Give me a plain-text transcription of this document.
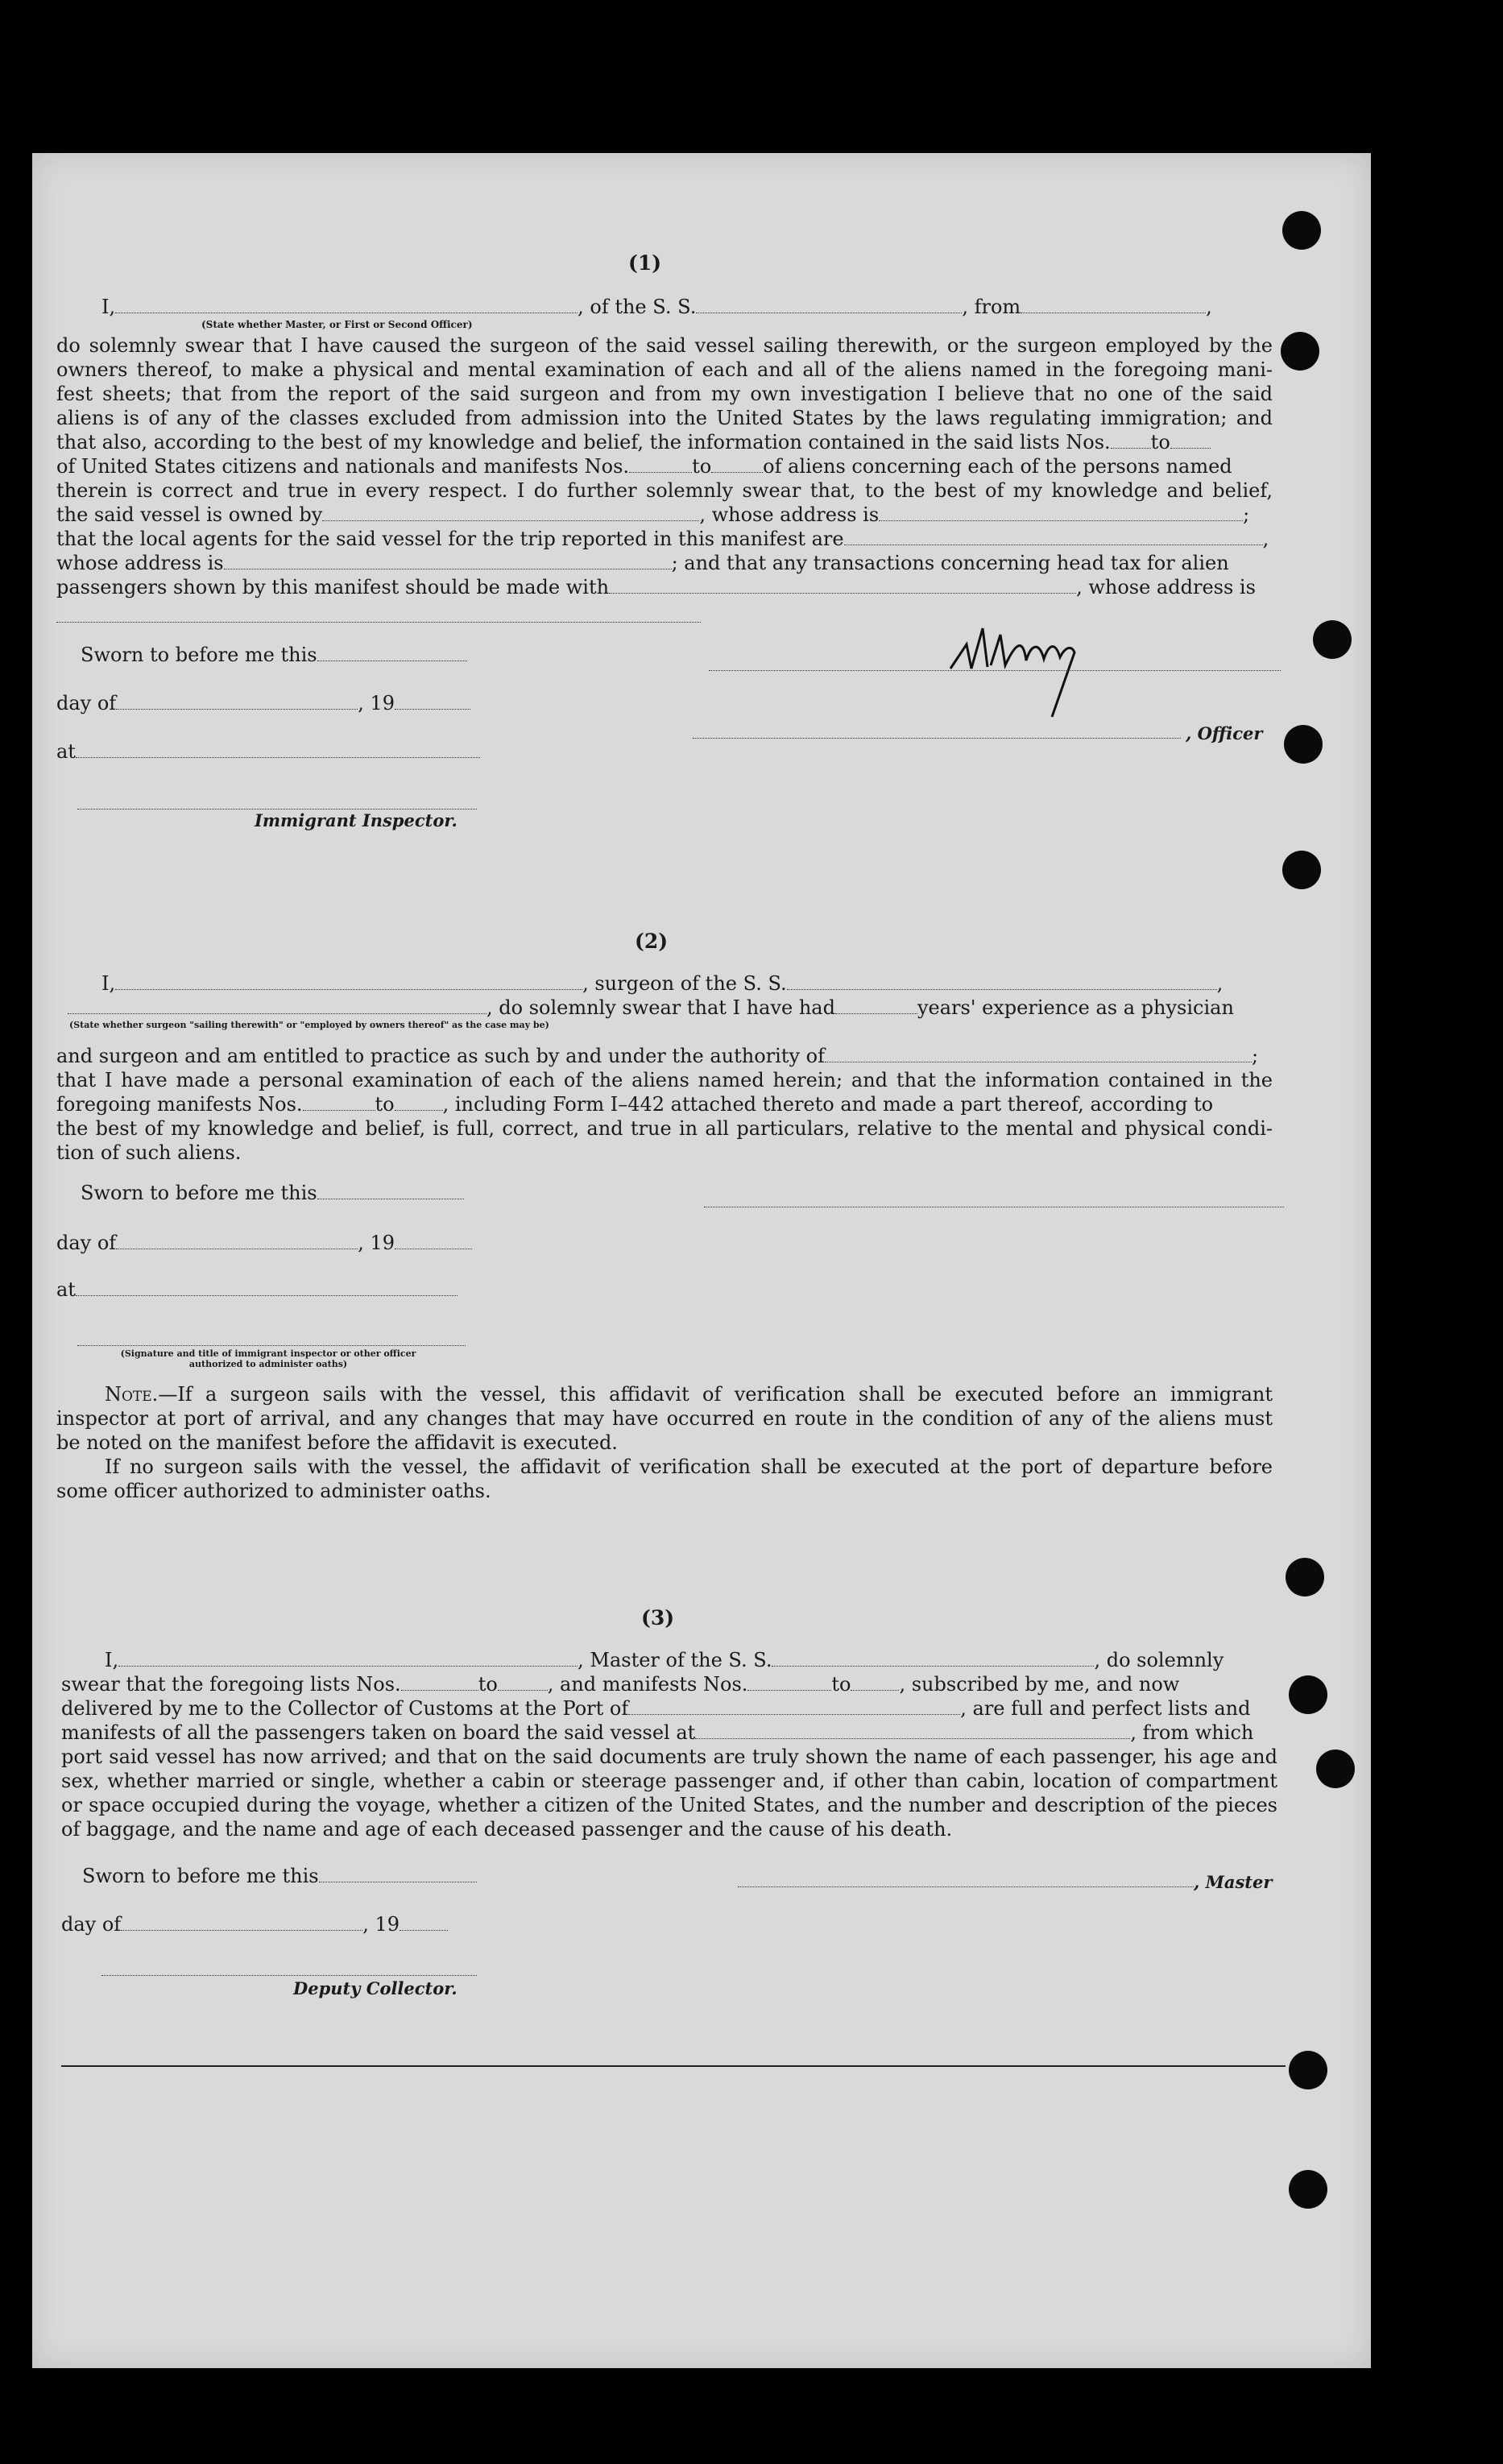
(1)
I,	, of the S. S.	, from	,
(State whether Master, or First or Second Officer)
do solemnly swear that I have caused the surgeon of the said vessel sailing therewith, or the surgeon employed by the
owners thereof, to make a physical and mental examination of each and all of the aliens named in the foregoing mani-
fest sheets; that from the report of the said surgeon and from my own investigation I believe that no one of the said
aliens is of any of the classes excluded from admission into the United States by the laws regulating immigration; and
that also, according to the best of my knowledge and belief, the information contained in the said lists Nos. to
of United States citizens and nationals and manifests Nos.	to	of aliens concerning each of the persons named
therein is correct and true in every respect. I do further solemnly swear that, to the best of my knowledge and belief,
the said vessel is owned by	, whose address is	;
that the local agents for the said vessel for the trip reported in this manifest are	,
whose address is	; and that any transactions concerning head tax for alien
passengers shown by this manifest should be made with	, whose address is
Sworn to before me this
day of	, 19
at
Immigrant Inspector.
, Officer
(2)
I,	, surgeon of the S. S.	,
, do solemnly swear that I have had	years' experience as a physician
(State whether surgeon "sailing therewith" or "employed by owners thereof" as the case may be)
and surgeon and am entitled to practice as such by and under the authority of	;
that I have made a personal examination of each of the aliens named herein; and that the information contained in the
foregoing manifests Nos.	to	, including Form I–442 attached thereto and made a part thereof, according to
the best of my knowledge and belief, is full, correct, and true in all particulars, relative to the mental and physical condi-
tion of such aliens.
Sworn to before me this
day of	, 19
at
(Signature and title of immigrant inspector or other officer authorized to administer oaths)
Note.—If a surgeon sails with the vessel, this affidavit of verification shall be executed before an immigrant
inspector at port of arrival, and any changes that may have occurred en route in the condition of any of the aliens must
be noted on the manifest before the affidavit is executed.
If no surgeon sails with the vessel, the affidavit of verification shall be executed at the port of departure before
some officer authorized to administer oaths.
(3)
I,	, Master of the S. S.	, do solemnly
swear that the foregoing lists Nos.	to	, and manifests Nos.	to	, subscribed by me, and now
delivered by me to the Collector of Customs at the Port of	, are full and perfect lists and
manifests of all the passengers taken on board the said vessel at	, from which
port said vessel has now arrived; and that on the said documents are truly shown the name of each passenger, his age and
sex, whether married or single, whether a cabin or steerage passenger and, if other than cabin, location of compartment
or space occupied during the voyage, whether a citizen of the United States, and the number and description of the pieces
of baggage, and the name and age of each deceased passenger and the cause of his death.
Sworn to before me this	, Master
day of	, 19
Deputy Collector.
